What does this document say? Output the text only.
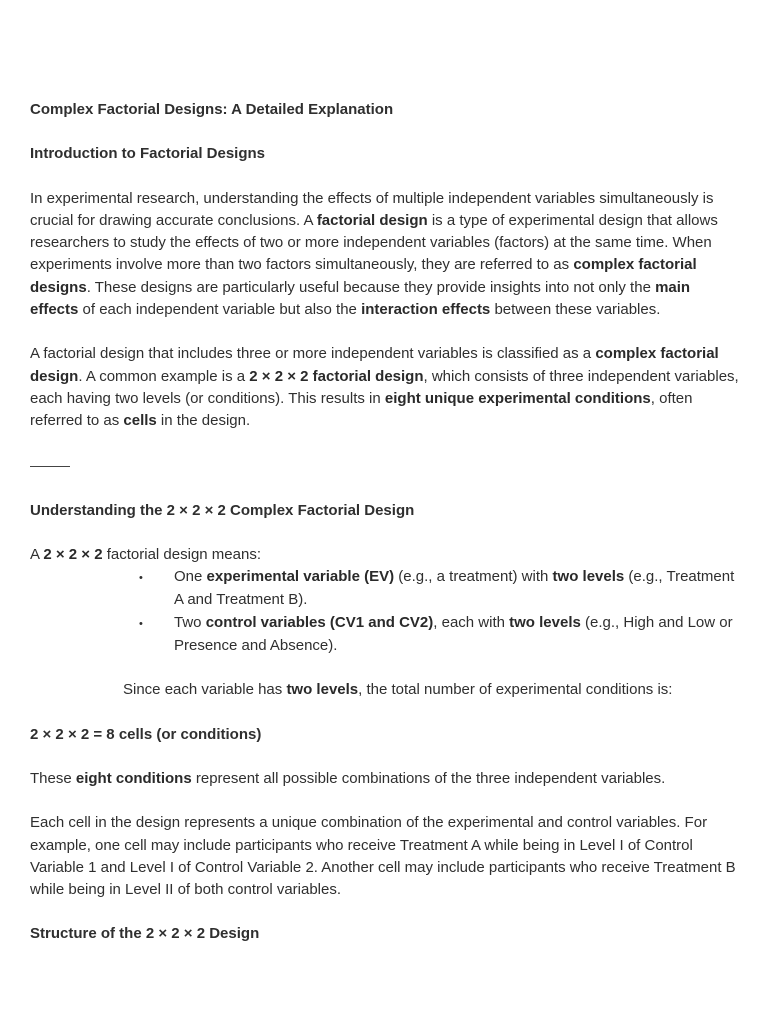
Complex Factorial Designs: A Detailed Explanation

Introduction to Factorial Designs

In experimental research, understanding the effects of multiple independent variables simultaneously is crucial for drawing accurate conclusions. A factorial design is a type of experimental design that allows researchers to study the effects of two or more independent variables (factors) at the same time. When experiments involve more than two factors simultaneously, they are referred to as complex factorial designs. These designs are particularly useful because they provide insights into not only the main effects of each independent variable but also the interaction effects between these variables.

A factorial design that includes three or more independent variables is classified as a complex factorial design. A common example is a 2 × 2 × 2 factorial design, which consists of three independent variables, each having two levels (or conditions). This results in eight unique experimental conditions, often referred to as cells in the design.

Understanding the 2 × 2 × 2 Complex Factorial Design

A 2 × 2 × 2 factorial design means:

• One experimental variable (EV) (e.g., a treatment) with two levels (e.g., Treatment A and Treatment B).

• Two control variables (CV1 and CV2), each with two levels (e.g., High and Low or Presence and Absence).

Since each variable has two levels, the total number of experimental conditions is:

2 × 2 × 2 = 8 cells (or conditions)

These eight conditions represent all possible combinations of the three independent variables.

Each cell in the design represents a unique combination of the experimental and control variables. For example, one cell may include participants who receive Treatment A while being in Level I of Control Variable 1 and Level I of Control Variable 2. Another cell may include participants who receive Treatment B while being in Level II of both control variables.

Structure of the 2 × 2 × 2 Design
